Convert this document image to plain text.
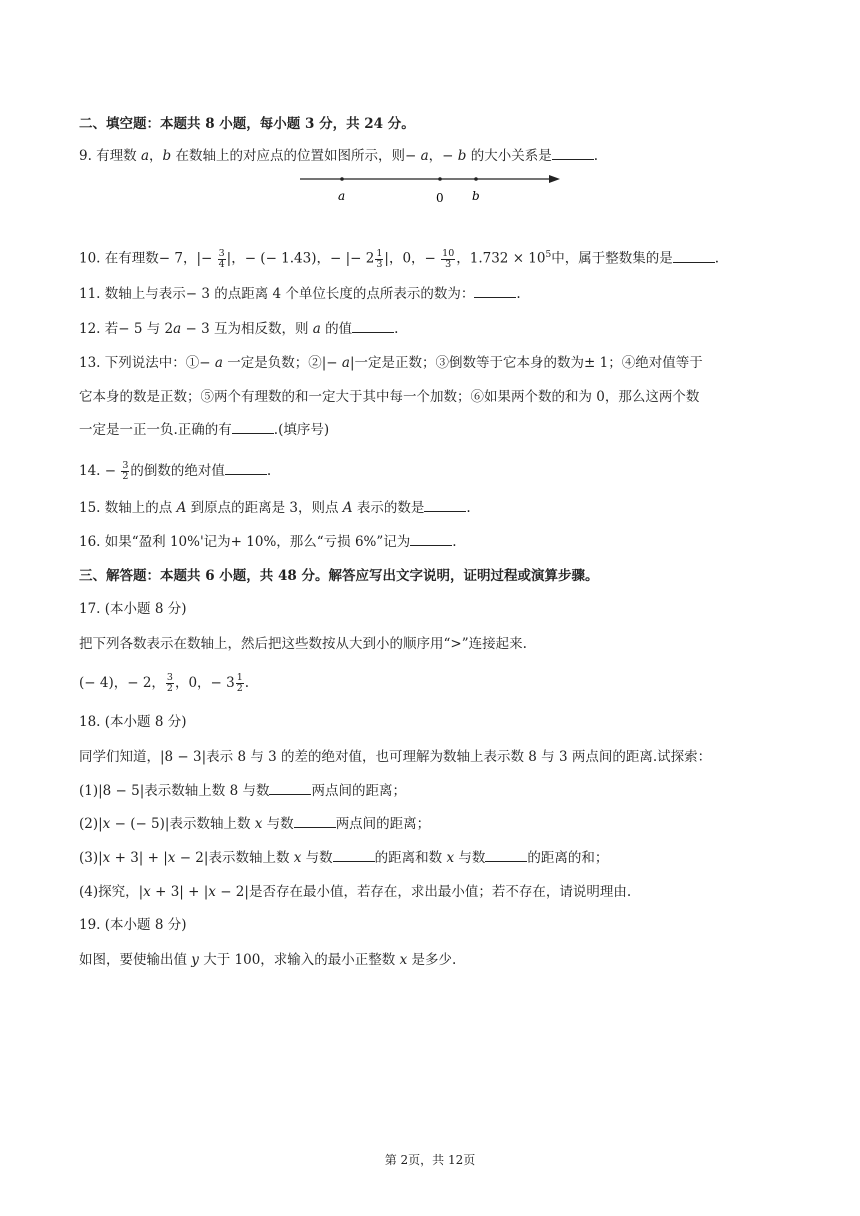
二、填空题：本题共 8 小题，每小题 3 分，共 24 分。
9. 有理数 a，b 在数轴上的对应点的位置如图所示，则− a，− b 的大小关系是	.
a	0 b
10. 在有理数− 7，|− $\frac{3}{4}$ |，− (− 1.43)，− |− $2 \frac{1}{3}$ |，0，− $\frac{10}{3}$ ，$1.732 \times 10^5$中，属于整数集的是	.
11. 数轴上与表示− 3 的点距离 4 个单位长度的点所表示的数为：	.
12. 若− 5 与 2a − 3 互为相反数，则 a 的值	.
13. 下列说法中：①− a 一定是负数；②|− a|一定是正数；③倒数等于它本身的数为± 1；④绝对值等于
它本身的数是正数；⑤两个有理数的和一定大于其中每一个加数；⑥如果两个数的和为 0，那么这两个数
一定是一正一负.正确的有	.(填序号)
14. − $\frac{3}{2}$ 的倒数的绝对值	.
15. 数轴上的点 A 到原点的距离是 3，则点 A 表示的数是	.
16. 如果“盈利 10%'记为+ 10%，那么“亏损 6%”记为	.
三、解答题：本题共 6 小题，共 48 分。解答应写出文字说明，证明过程或演算步骤。
17. (本小题 8 分)
把下列各数表示在数轴上，然后把这些数按从大到小的顺序用“>”连接起来.
(− 4)，− 2， $\frac{3}{2}$ ，0，− $3 \frac{1}{2}$ .
18. (本小题 8 分)
同学们知道，|8 − 3|表示 8 与 3 的差的绝对值，也可理解为数轴上表示数 8 与 3 两点间的距离.试探索：
(1)|8 − 5|表示数轴上数 8 与数	两点间的距离；
(2)|x − (− 5)|表示数轴上数 x 与数	两点间的距离；
(3)|x + 3| + |x − 2|表示数轴上数 x 与数	的距离和数 x 与数	的距离的和；
(4)探究，|x + 3| + |x − 2|是否存在最小值，若存在，求出最小值；若不存在，请说明理由.
19. (本小题 8 分)
如图，要使输出值 y 大于 100，求输入的最小正整数 x 是多少.
第 2页，共 12页
